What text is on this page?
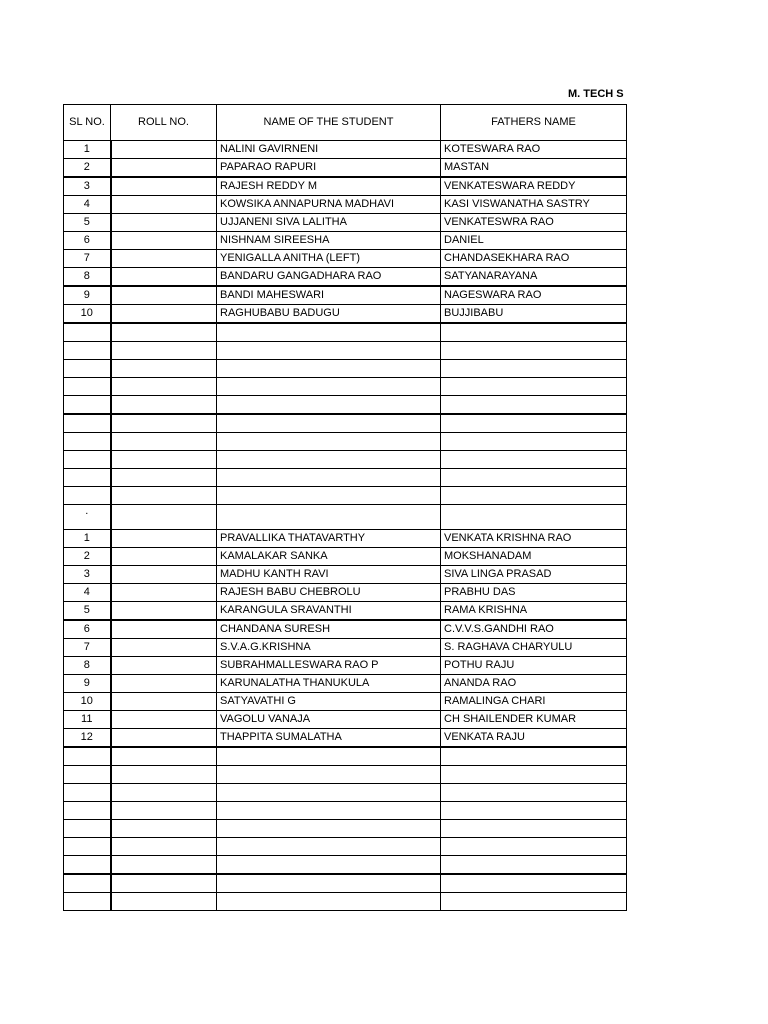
M. TECH S
SL NO.	ROLL NO.	NAME OF THE STUDENT	FATHERS NAME
1		NALINI GAVIRNENI	KOTESWARA RAO
2		PAPARAO RAPURI	MASTAN
3		RAJESH REDDY M	VENKATESWARA REDDY
4		KOWSIKA ANNAPURNA MADHAVI	KASI VISWANATHA SASTRY
5		UJJANENI SIVA LALITHA	VENKATESWRA RAO
6		NISHNAM SIREESHA	DANIEL
7		YENIGALLA ANITHA (LEFT)	CHANDASEKHARA RAO
8		BANDARU GANGADHARA RAO	SATYANARAYANA
9		BANDI MAHESWARI	NAGESWARA RAO
10		RAGHUBABU BADUGU	BUJJIBABU

.			
1		PRAVALLIKA THATAVARTHY	VENKATA KRISHNA RAO
2		KAMALAKAR SANKA	MOKSHANADAM
3		MADHU KANTH RAVI	SIVA LINGA PRASAD
4		RAJESH BABU CHEBROLU	PRABHU DAS
5		KARANGULA SRAVANTHI	RAMA KRISHNA
6		CHANDANA SURESH	C.V.V.S.GANDHI RAO
7		S.V.A.G.KRISHNA	S. RAGHAVA CHARYULU
8		SUBRAHMALLESWARA RAO P	POTHU RAJU
9		KARUNALATHA THANUKULA	ANANDA RAO
10		SATYAVATHI G	RAMALINGA CHARI
11		VAGOLU VANAJA	CH SHAILENDER KUMAR
12		THAPPITA SUMALATHA	VENKATA RAJU
